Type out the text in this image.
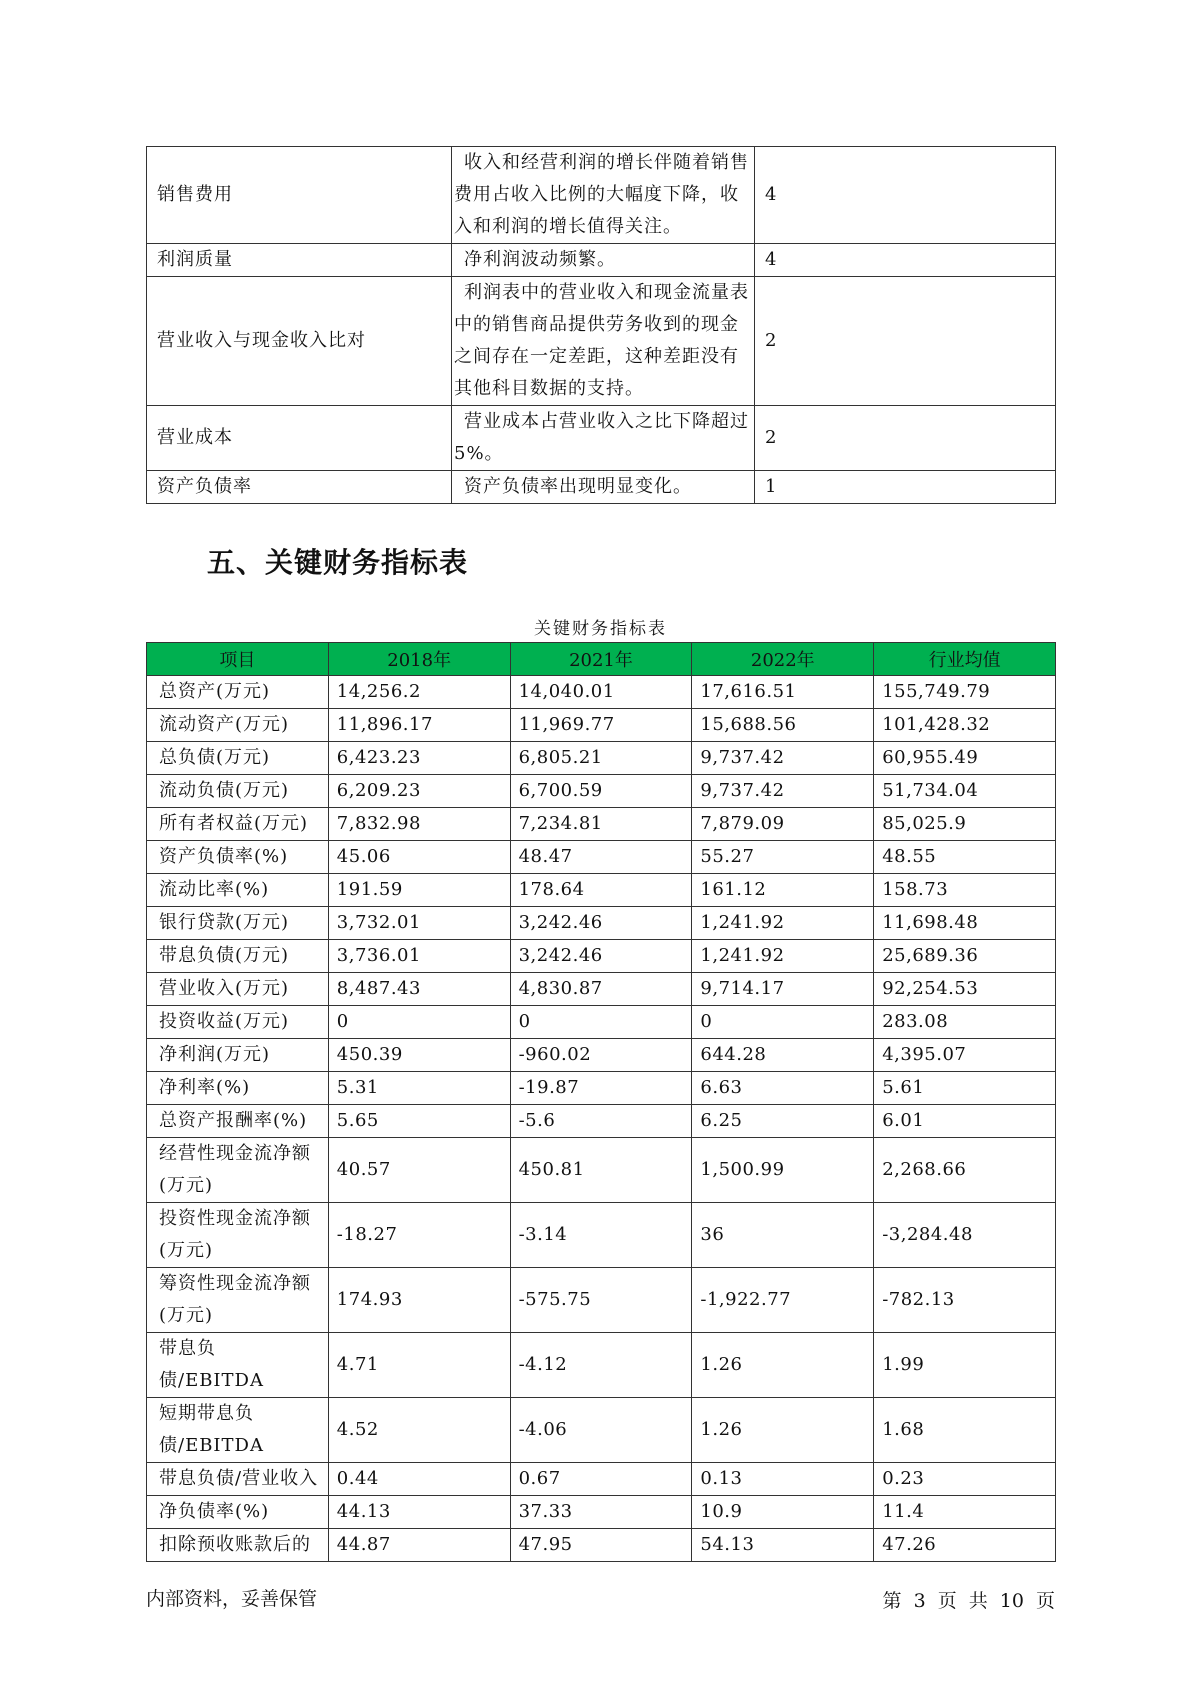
销售费用	收入和经营利润的增长伴随着销售费用占收入比例的大幅度下降，收入和利润的增长值得关注。	4
利润质量	净利润波动频繁。	4
营业收入与现金收入比对	利润表中的营业收入和现金流量表中的销售商品提供劳务收到的现金之间存在一定差距，这种差距没有其他科目数据的支持。	2
营业成本	营业成本占营业收入之比下降超过5%。	2
资产负债率	资产负债率出现明显变化。	1
五、关键财务指标表
关键财务指标表
项目	2018年	2021年	2022年	行业均值
总资产(万元)	14,256.2	14,040.01	17,616.51	155,749.79
流动资产(万元)	11,896.17	11,969.77	15,688.56	101,428.32
总负债(万元)	6,423.23	6,805.21	9,737.42	60,955.49
流动负债(万元)	6,209.23	6,700.59	9,737.42	51,734.04
所有者权益(万元)	7,832.98	7,234.81	7,879.09	85,025.9
资产负债率(%)	45.06	48.47	55.27	48.55
流动比率(%)	191.59	178.64	161.12	158.73
银行贷款(万元)	3,732.01	3,242.46	1,241.92	11,698.48
带息负债(万元)	3,736.01	3,242.46	1,241.92	25,689.36
营业收入(万元)	8,487.43	4,830.87	9,714.17	92,254.53
投资收益(万元)	0	0	0	283.08
净利润(万元)	450.39	-960.02	644.28	4,395.07
净利率(%)	5.31	-19.87	6.63	5.61
总资产报酬率(%)	5.65	-5.6	6.25	6.01
经营性现金流净额(万元)	40.57	450.81	1,500.99	2,268.66
投资性现金流净额(万元)	-18.27	-3.14	36	-3,284.48
筹资性现金流净额(万元)	174.93	-575.75	-1,922.77	-782.13
带息负债/EBITDA	4.71	-4.12	1.26	1.99
短期带息负债/EBITDA	4.52	-4.06	1.26	1.68
带息负债/营业收入	0.44	0.67	0.13	0.23
净负债率(%)	44.13	37.33	10.9	11.4
扣除预收账款后的	44.87	47.95	54.13	47.26
内部资料，妥善保管	第 3 页 共 10 页
